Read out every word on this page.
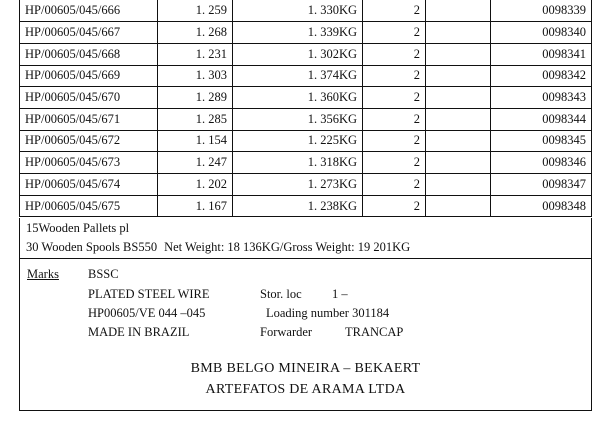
HP/00605/045/666	1. 259	1. 330KG	2		0098339
HP/00605/045/667	1. 268	1. 339KG	2		0098340
HP/00605/045/668	1. 231	1. 302KG	2		0098341
HP/00605/045/669	1. 303	1. 374KG	2		0098342
HP/00605/045/670	1. 289	1. 360KG	2		0098343
HP/00605/045/671	1. 285	1. 356KG	2		0098344
HP/00605/045/672	1. 154	1. 225KG	2		0098345
HP/00605/045/673	1. 247	1. 318KG	2		0098346
HP/00605/045/674	1. 202	1. 273KG	2		0098347
HP/00605/045/675	1. 167	1. 238KG	2		0098348
15Wooden Pallets pl
30 Wooden Spools BS550 Net Weight: 18 136KG/Gross Weight: 19 201KG
Marks BSSC
PLATED STEEL WIRE
HP00605/VE 044 –045
MADE IN BRAZIL
Stor. loc 1 –
Loading number 301184
Forwarder	TRANCAP
BMB BELGO MINEIRA – BEKAERT
ARTEFATOS DE ARAMA LTDA
